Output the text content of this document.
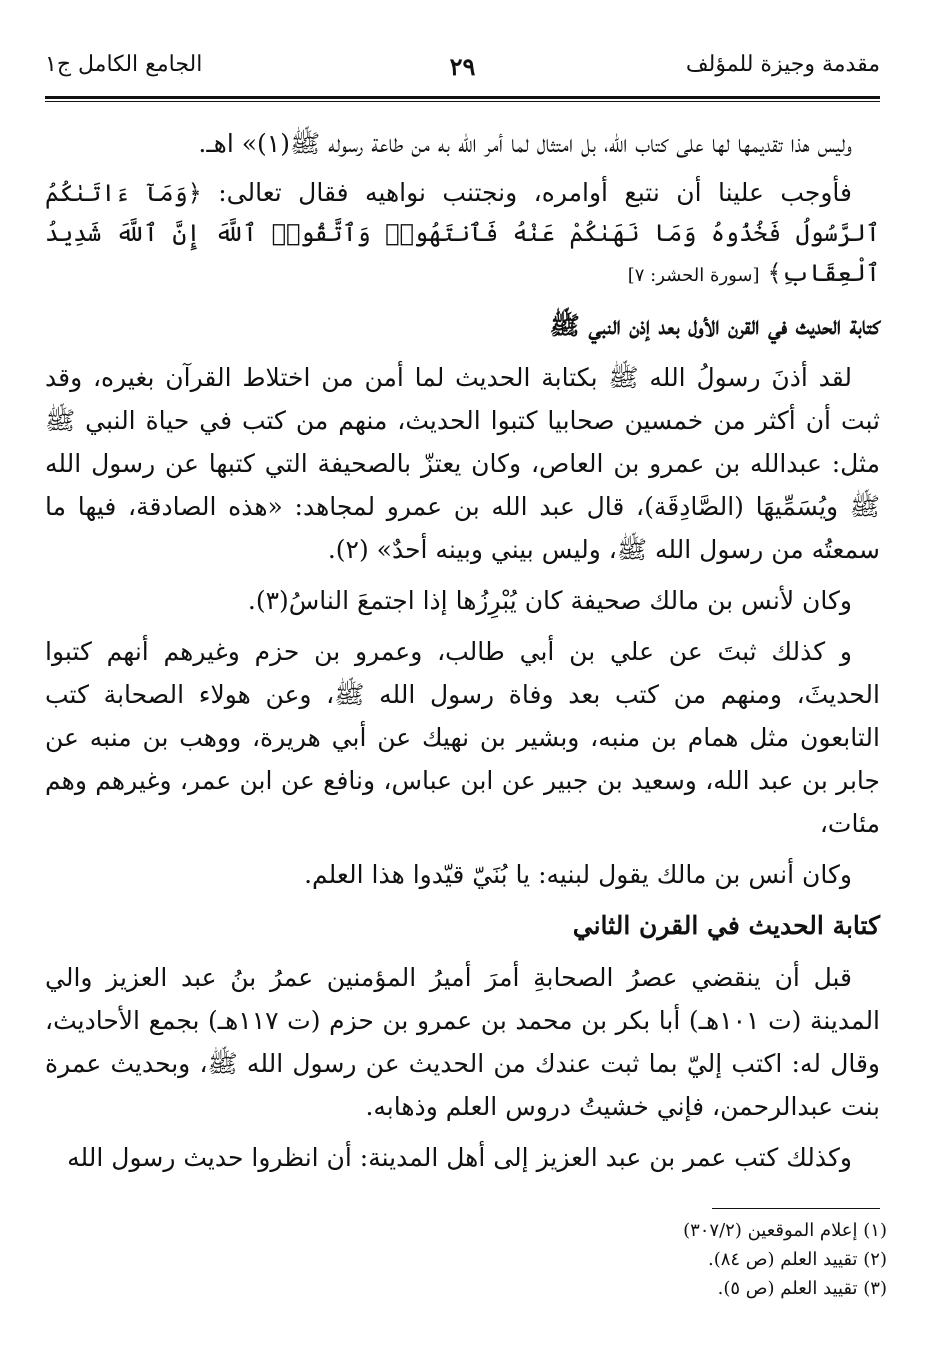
مقدمة وجيزة للمؤلف
٢٩
الجامع الكامل ج١

وليس هذا تقديمها لها على كتاب الله، بل امتثال لما أمر الله به من طاعة رسوله ﷺ(١)» اهـ.

فأوجب علينا أن نتبع أوامره، ونجتنب نواهيه فقال تعالى: ﴿وَمَآ ءَاتَىٰكُمُ ٱلرَّسُولُ فَخُذُوهُ وَمَا نَهَىٰكُمْ عَنْهُ فَٱنتَهُوا۟ وَٱتَّقُوا۟ ٱللَّهَ إِنَّ ٱللَّهَ شَدِيدُ ٱلْعِقَابِ﴾ [سورة الحشر: ٧]

كتابة الحديث في القرن الأول بعد إذن النبي ﷺ

لقد أذنَ رسولُ الله ﷺ بكتابة الحديث لما أمن من اختلاط القرآن بغيره، وقد ثبت أن أكثر من خمسين صحابيا كتبوا الحديث، منهم من كتب في حياة النبي ﷺ مثل: عبدالله بن عمرو بن العاص، وكان يعتزّ بالصحيفة التي كتبها عن رسول الله ﷺ ويُسَمِّيهَا (الصَّادِقَة)، قال عبد الله بن عمرو لمجاهد: «هذه الصادقة، فيها ما سمعتُه من رسول الله ﷺ، وليس بيني وبينه أحدٌ» (٢).

وكان لأنس بن مالك صحيفة كان يُبْرِزُها إذا اجتمعَ الناسُ(٣).

و كذلك ثبتَ عن علي بن أبي طالب، وعمرو بن حزم وغيرهم أنهم كتبوا الحديثَ، ومنهم من كتب بعد وفاة رسول الله ﷺ، وعن هولاء الصحابة كتب التابعون مثل همام بن منبه، وبشير بن نهيك عن أبي هريرة، ووهب بن منبه عن جابر بن عبد الله، وسعيد بن جبير عن ابن عباس، ونافع عن ابن عمر، وغيرهم وهم مئات،

وكان أنس بن مالك يقول لبنيه: يا بُنَيّ قيّدوا هذا العلم.

كتابة الحديث في القرن الثاني

قبل أن ينقضي عصرُ الصحابةِ أمرَ أميرُ المؤمنين عمرُ بنُ عبد العزيز والي المدينة (ت ١٠١هـ) أبا بكر بن محمد بن عمرو بن حزم (ت ١١٧هـ) بجمع الأحاديث، وقال له: اكتب إليّ بما ثبت عندك من الحديث عن رسول الله ﷺ، وبحديث عمرة بنت عبدالرحمن، فإني خشيتُ دروس العلم وذهابه.

وكذلك كتب عمر بن عبد العزيز إلى أهل المدينة: أن انظروا حديث رسول الله

(١) إعلام الموقعين (٣٠٧/٢)
(٢) تقييد العلم (ص ٨٤).
(٣) تقييد العلم (ص ٥).
